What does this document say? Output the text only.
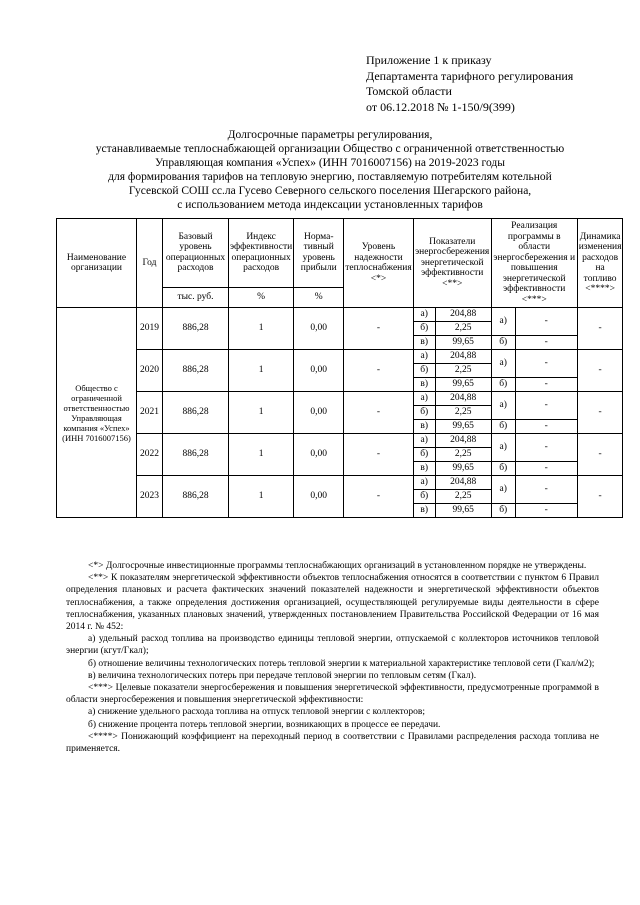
Приложение 1 к приказу
Департамента тарифного регулирования
Томской области
от 06.12.2018 № 1-150/9(399)
Долгосрочные параметры регулирования,
устанавливаемые теплоснабжающей организации Общество с ограниченной ответственностью
Управляющая компания «Успех» (ИНН 7016007156) на 2019-2023 годы
для формирования тарифов на тепловую энергию, поставляемую потребителям котельной
Гусевской СОШ сс.ла Гусево Северного сельского поселения Шегарского района,
с использованием метода индексации установленных тарифов
Наименование организации	Год	Базовый уровень операционных расходов	Индекс эффективности операционных расходов	Норма-тивный уровень прибыли	Уровень надежности теплоснабжения <*>	Показатели энергосбережения энергетической эффективности <**>		Реализация программы в области энергосбережения и повышения энергетической эффективности <***>		Динамика изменения расходов на топливо <****>
		тыс. руб.	%	%						
Общество с ограниченной ответственностью Управляющая компания «Успех» (ИНН 7016007156)	2019	886,28	1	0,00	-	а)	204,88	а)	-	-
						б)	2,25			
						в)	99,65	б)	-	
	2020	886,28	1	0,00	-	а)	204,88	а)	-	-
						б)	2,25			
						в)	99,65	б)	-	
	2021	886,28	1	0,00	-	а)	204,88	а)	-	-
						б)	2,25			
						в)	99,65	б)	-	
	2022	886,28	1	0,00	-	а)	204,88	а)	-	-
						б)	2,25			
						в)	99,65	б)	-	
	2023	886,28	1	0,00	-	а)	204,88	а)	-	-
						б)	2,25			
						в)	99,65	б)	-	

<*> Долгосрочные инвестиционные программы теплоснабжающих организаций в установленном порядке не утверждены.

<**> К показателям энергетической эффективности объектов теплоснабжения относятся в соответствии с пунктом 6 Правил определения плановых и расчета фактических значений показателей надежности и энергетической эффективности объектов теплоснабжения, а также определения достижения организацией, осуществляющей регулируемые виды деятельности в сфере теплоснабжения, указанных плановых значений, утвержденных постановлением Правительства Российской Федерации от 16 мая 2014 г. № 452:

а) удельный расход топлива на производство единицы тепловой энергии, отпускаемой с коллекторов источников тепловой энергии (кгут/Гкал);

б) отношение величины технологических потерь тепловой энергии к материальной характеристике тепловой сети (Гкал/м2);

в) величина технологических потерь при передаче тепловой энергии по тепловым сетям (Гкал).

<***> Целевые показатели энергосбережения и повышения энергетической эффективности, предусмотренные программой в области энергосбережения и повышения энергетической эффективности:

а) снижение удельного расхода топлива на отпуск тепловой энергии с коллекторов;

б) снижение процента потерь тепловой энергии, возникающих в процессе ее передачи.

<****> Понижающий коэффициент на переходный период в соответствии с Правилами распределения расхода топлива не применяется.
